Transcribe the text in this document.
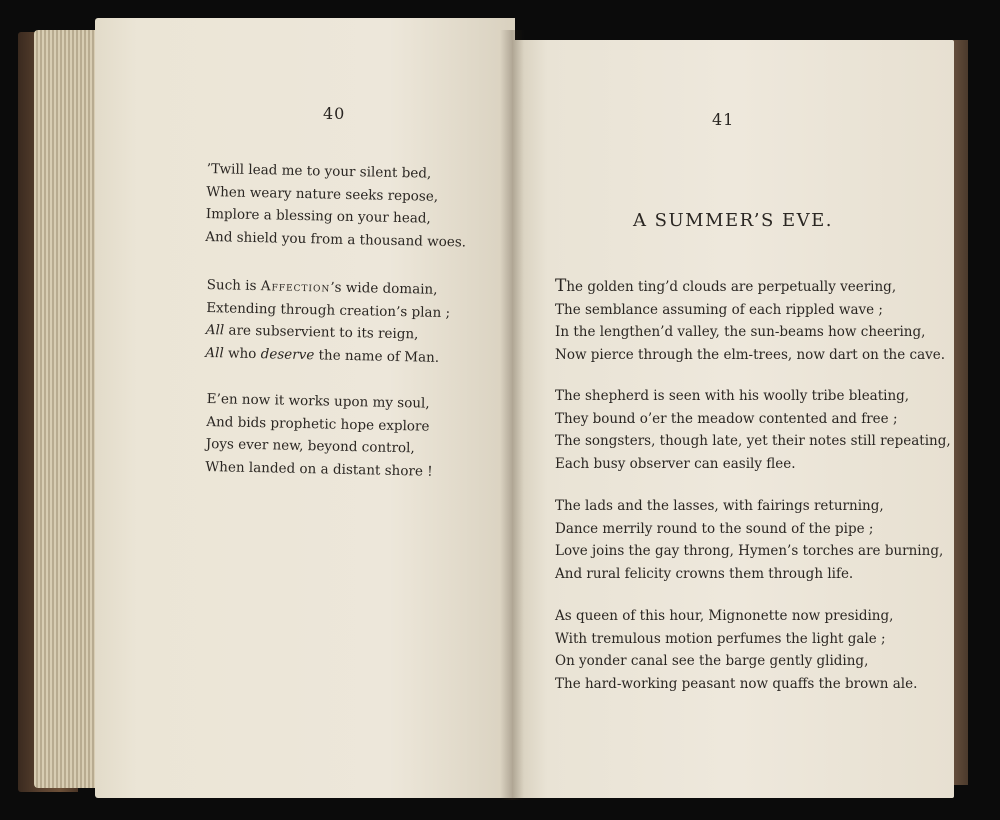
40
’Twill lead me to your silent bed,
When weary nature seeks repose,
Implore a blessing on your head,
And shield you from a thousand woes.
Such is Affection’s wide domain,
Extending through creation’s plan ;
All are subservient to its reign,
All who deserve the name of Man.
E’en now it works upon my soul,
And bids prophetic hope explore
Joys ever new, beyond control,
When landed on a distant shore !
41
A SUMMER’S EVE.
The golden ting’d clouds are perpetually veering,
The semblance assuming of each rippled wave ;
In the lengthen’d valley, the sun-beams how cheering,
Now pierce through the elm-trees, now dart on the cave.
The shepherd is seen with his woolly tribe bleating,
They bound o’er the meadow contented and free ;
The songsters, though late, yet their notes still repeating,
Each busy observer can easily flee.
The lads and the lasses, with fairings returning,
Dance merrily round to the sound of the pipe ;
Love joins the gay throng, Hymen’s torches are burning,
And rural felicity crowns them through life.
As queen of this hour, Mignonette now presiding,
With tremulous motion perfumes the light gale ;
On yonder canal see the barge gently gliding,
The hard-working peasant now quaffs the brown ale.
